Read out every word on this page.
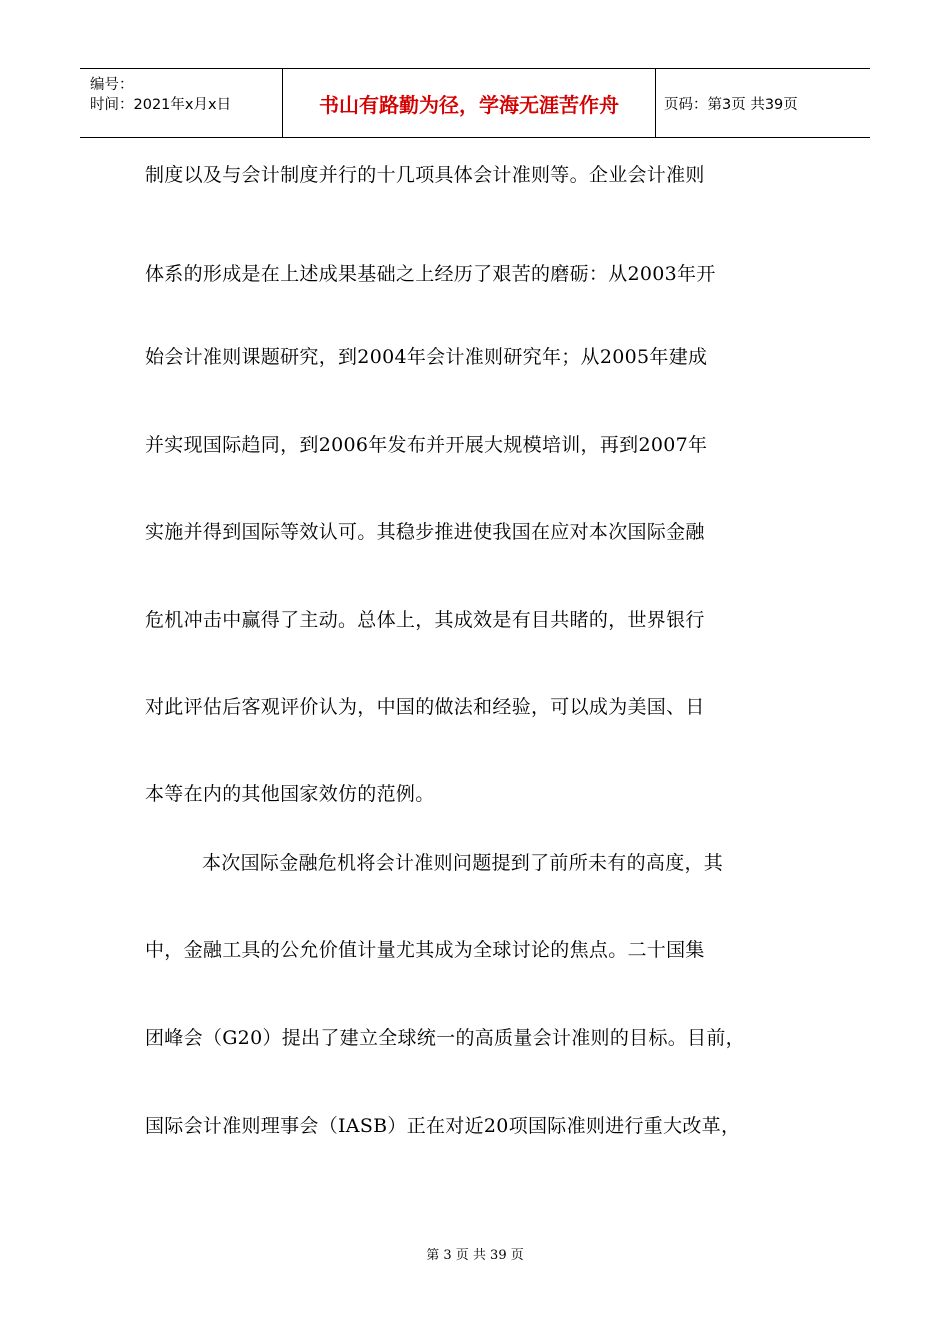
编号：
时间：2021年x月x日	书山有路勤为径，学海无涯苦作舟	页码：第3页 共39页
制度以及与会计制度并行的十几项具体会计准则等。企业会计准则
体系的形成是在上述成果基础之上经历了艰苦的磨砺：从2003年开
始会计准则课题研究，到2004年会计准则研究年；从2005年建成
并实现国际趋同，到2006年发布并开展大规模培训，再到2007年
实施并得到国际等效认可。其稳步推进使我国在应对本次国际金融
危机冲击中赢得了主动。总体上，其成效是有目共睹的，世界银行
对此评估后客观评价认为，中国的做法和经验，可以成为美国、日
本等在内的其他国家效仿的范例。
本次国际金融危机将会计准则问题提到了前所未有的高度，其
中，金融工具的公允价值计量尤其成为全球讨论的焦点。二十国集
团峰会（G20）提出了建立全球统一的高质量会计准则的目标。目前，
国际会计准则理事会（IASB）正在对近20项国际准则进行重大改革，
第 3 页 共 39 页
